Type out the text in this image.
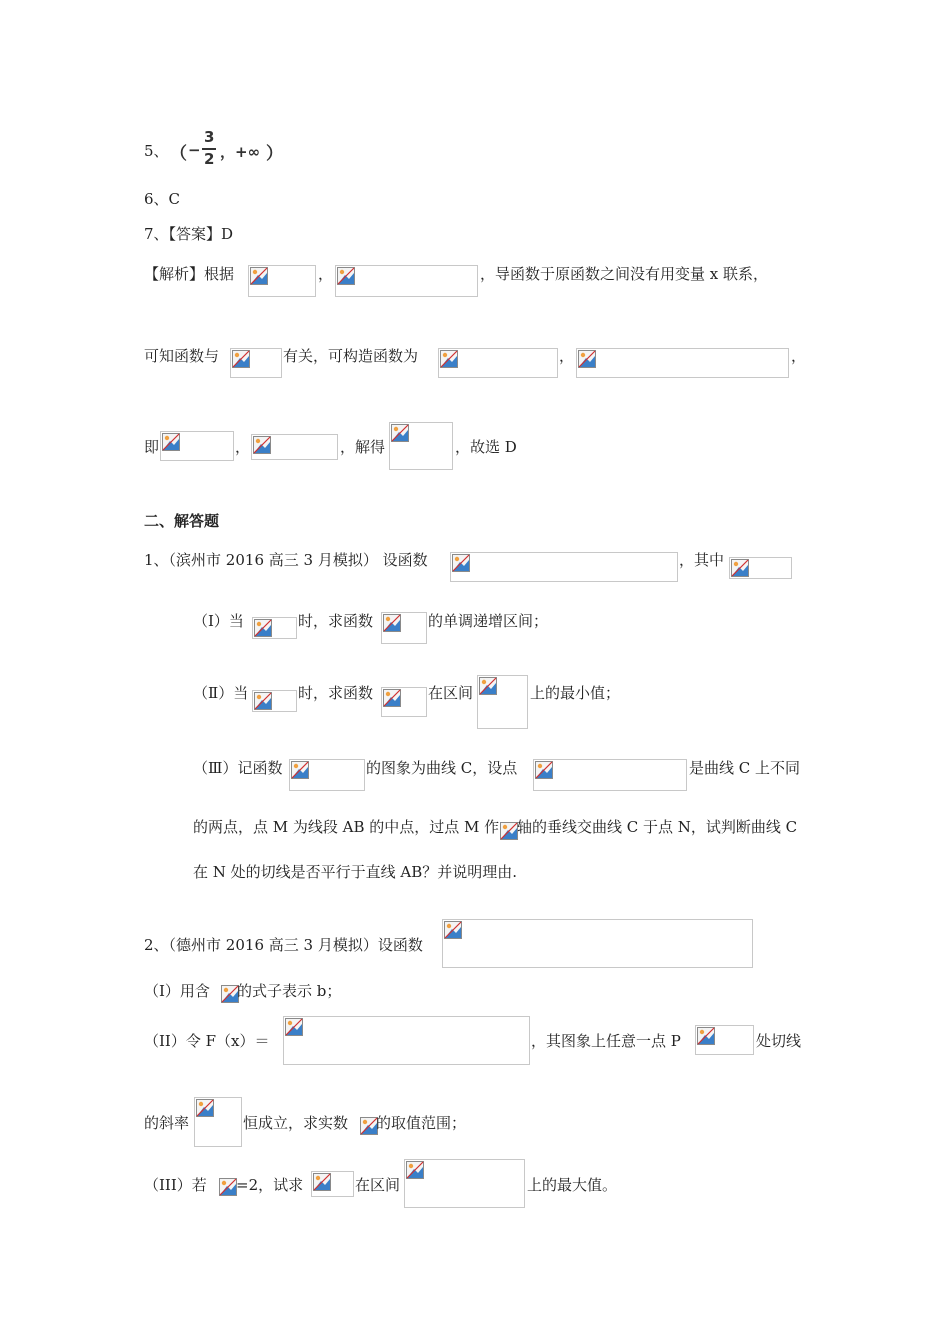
5、 （ −
3
2 ，+∞ ）
6、C
7、【答案】D
【解析】根据	，	，导函数于原函数之间没有用变量 x 联系，
可知函数与	有关，可构造函数为	，	，
即	，	，解得	，故选 D
二、解答题
1、（滨州市 2016 高三 3 月模拟） 设函数	，其中
（Ⅰ）当	时，求函数	的单调递增区间；
（Ⅱ）当	时，求函数	在区间	上的最小值；
（Ⅲ）记函数	的图象为曲线 C，设点	是曲线 C 上不同
的两点，点 M 为线段 AB 的中点，过点 M 作 轴的垂线交曲线 C 于点 N，试判断曲线 C
在 N 处的切线是否平行于直线 AB？并说明理由.
2、（德州市 2016 高三 3 月模拟）设函数
（I）用含 的式子表示 b；
（II）令 F（x）＝	，其图象上任意一点 P	处切线
的斜率	恒成立，求实数 的取值范围；
（III）若 =2，试求	在区间	上的最大值。
